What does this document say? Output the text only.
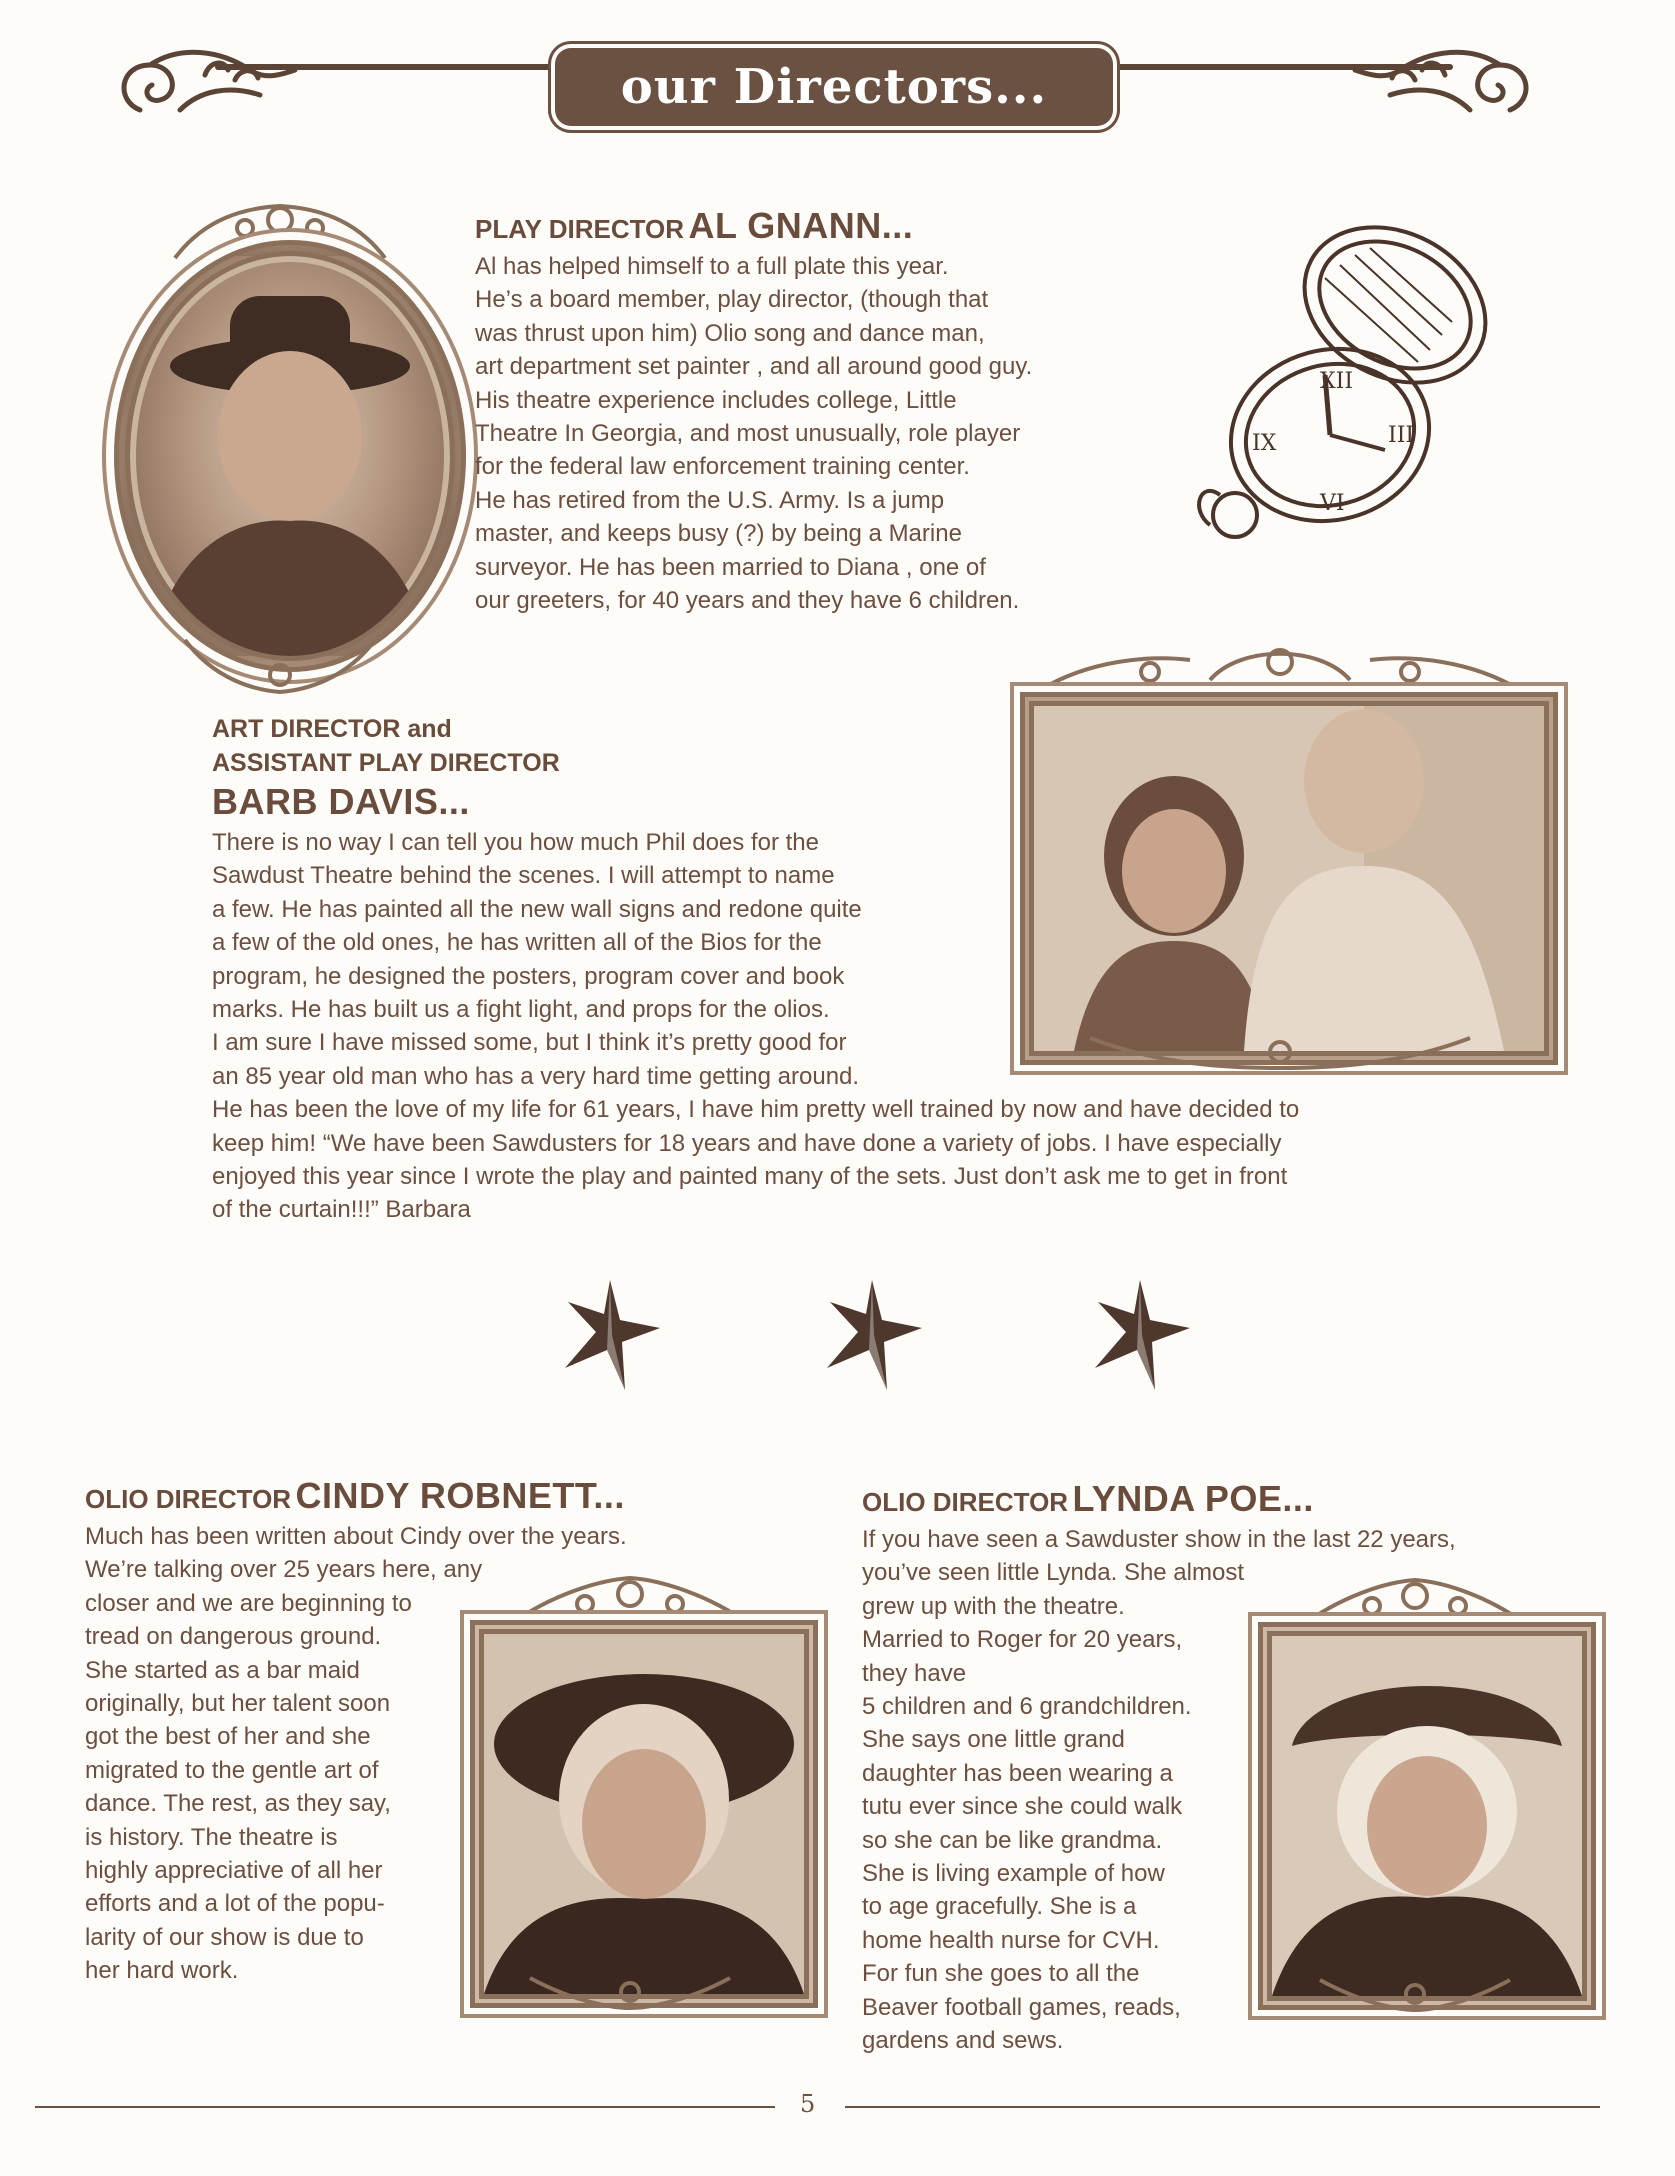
our Directors...
PLAY DIRECTOR AL GNANN...
Al has helped himself to a full plate this year.
He’s a board member, play director, (though that
was thrust upon him) Olio song and dance man,
art department set painter , and all around good guy.
His theatre experience includes college, Little
Theatre In Georgia, and most unusually, role player
for the federal law enforcement training center.
He has retired from the U.S. Army. Is a jump
master, and keeps busy (?) by being a Marine
surveyor. He has been married to Diana , one of
our greeters, for 40 years and they have 6 children.
XII
III
VI
IX
ART DIRECTOR and
ASSISTANT PLAY DIRECTOR
BARB DAVIS...
There is no way I can tell you how much Phil does for the
Sawdust Theatre behind the scenes. I will attempt to name
a few. He has painted all the new wall signs and redone quite
a few of the old ones, he has written all of the Bios for the
program, he designed the posters, program cover and book
marks. He has built us a fight light, and props for the olios.
I am sure I have missed some, but I think it’s pretty good for
an 85 year old man who has a very hard time getting around.
He has been the love of my life for 61 years, I have him pretty well trained by now and have decided to
keep him! “We have been Sawdusters for 18 years and have done a variety of jobs. I have especially
enjoyed this year since I wrote the play and painted many of the sets. Just don’t ask me to get in front
of the curtain!!!” Barbara
OLIO DIRECTOR CINDY ROBNETT...
Much has been written about Cindy over the years.
We’re talking over 25 years here, any
closer and we are beginning to
tread on dangerous ground.
She started as a bar maid
originally, but her talent soon
got the best of her and she
migrated to the gentle art of
dance. The rest, as they say,
is history. The theatre is
highly appreciative of all her
efforts and a lot of the popu-
larity of our show is due to
her hard work.
OLIO DIRECTOR LYNDA POE...
If you have seen a Sawduster show in the last 22 years,
you’ve seen little Lynda. She almost
grew up with the theatre.
Married to Roger for 20 years,
they have
5 children and 6 grandchildren.
She says one little grand
daughter has been wearing a
tutu ever since she could walk
so she can be like grandma.
She is living example of how
to age gracefully. She is a
home health nurse for CVH.
For fun she goes to all the
Beaver football games, reads,
gardens and sews.
5
